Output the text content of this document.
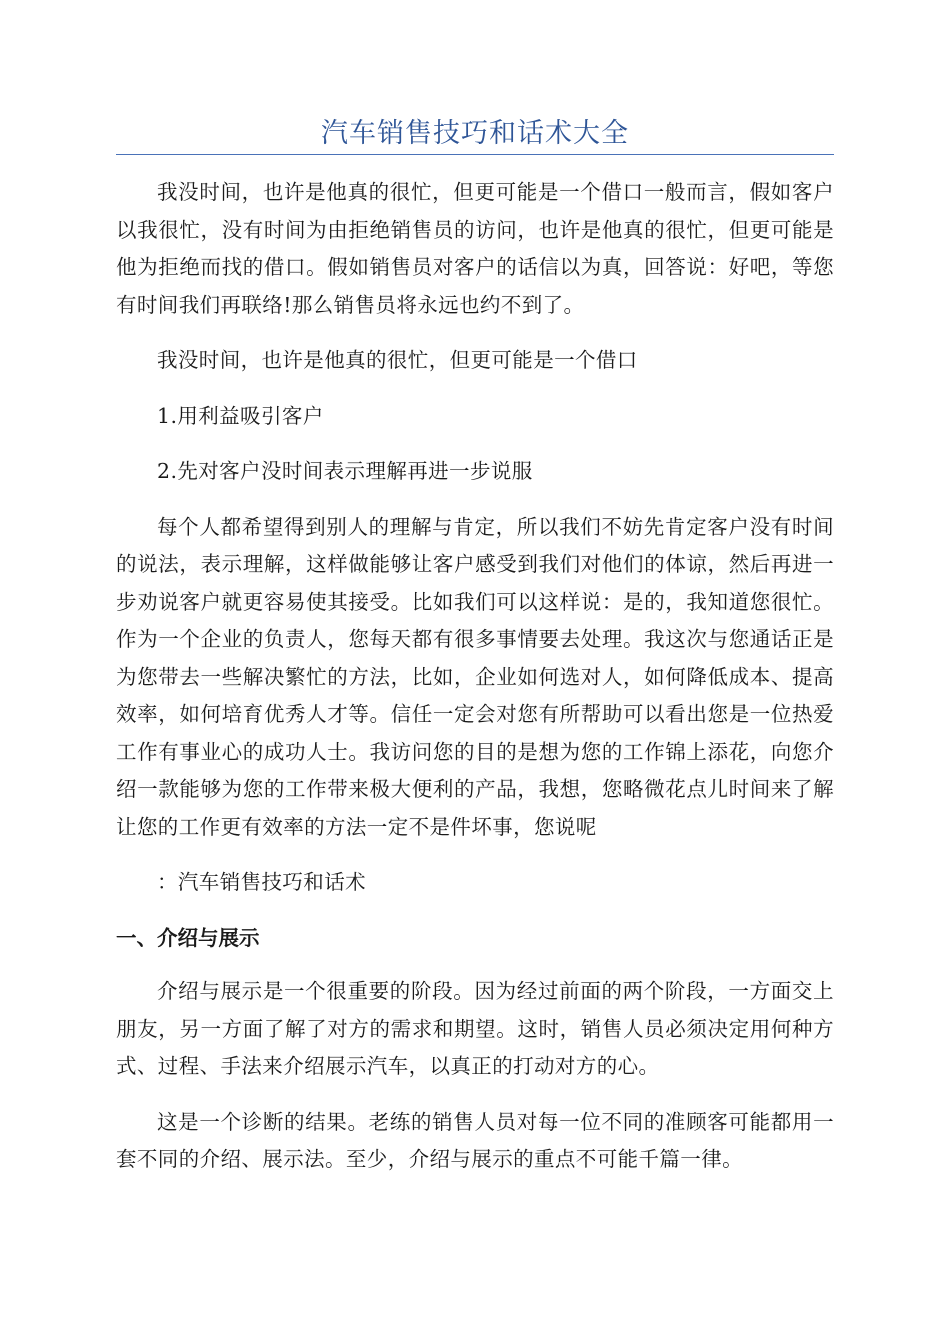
汽车销售技巧和话术大全

我没时间，也许是他真的很忙，但更可能是一个借口一般而言，假如客户以我很忙，没有时间为由拒绝销售员的访问，也许是他真的很忙，但更可能是他为拒绝而找的借口。假如销售员对客户的话信以为真，回答说：好吧，等您有时间我们再联络!那么销售员将永远也约不到了。

我没时间，也许是他真的很忙，但更可能是一个借口

1.用利益吸引客户

2.先对客户没时间表示理解再进一步说服

每个人都希望得到别人的理解与肯定，所以我们不妨先肯定客户没有时间的说法，表示理解，这样做能够让客户感受到我们对他们的体谅，然后再进一步劝说客户就更容易使其接受。比如我们可以这样说：是的，我知道您很忙。作为一个企业的负责人，您每天都有很多事情要去处理。我这次与您通话正是为您带去一些解决繁忙的方法，比如，企业如何选对人，如何降低成本、提高效率，如何培育优秀人才等。信任一定会对您有所帮助可以看出您是一位热爱工作有事业心的成功人士。我访问您的目的是想为您的工作锦上添花，向您介绍一款能够为您的工作带来极大便利的产品，我想，您略微花点儿时间来了解让您的工作更有效率的方法一定不是件坏事，您说呢

：汽车销售技巧和话术

一、介绍与展示

介绍与展示是一个很重要的阶段。因为经过前面的两个阶段，一方面交上朋友，另一方面了解了对方的需求和期望。这时，销售人员必须决定用何种方式、过程、手法来介绍展示汽车，以真正的打动对方的心。

这是一个诊断的结果。老练的销售人员对每一位不同的准顾客可能都用一套不同的介绍、展示法。至少，介绍与展示的重点不可能千篇一律。
